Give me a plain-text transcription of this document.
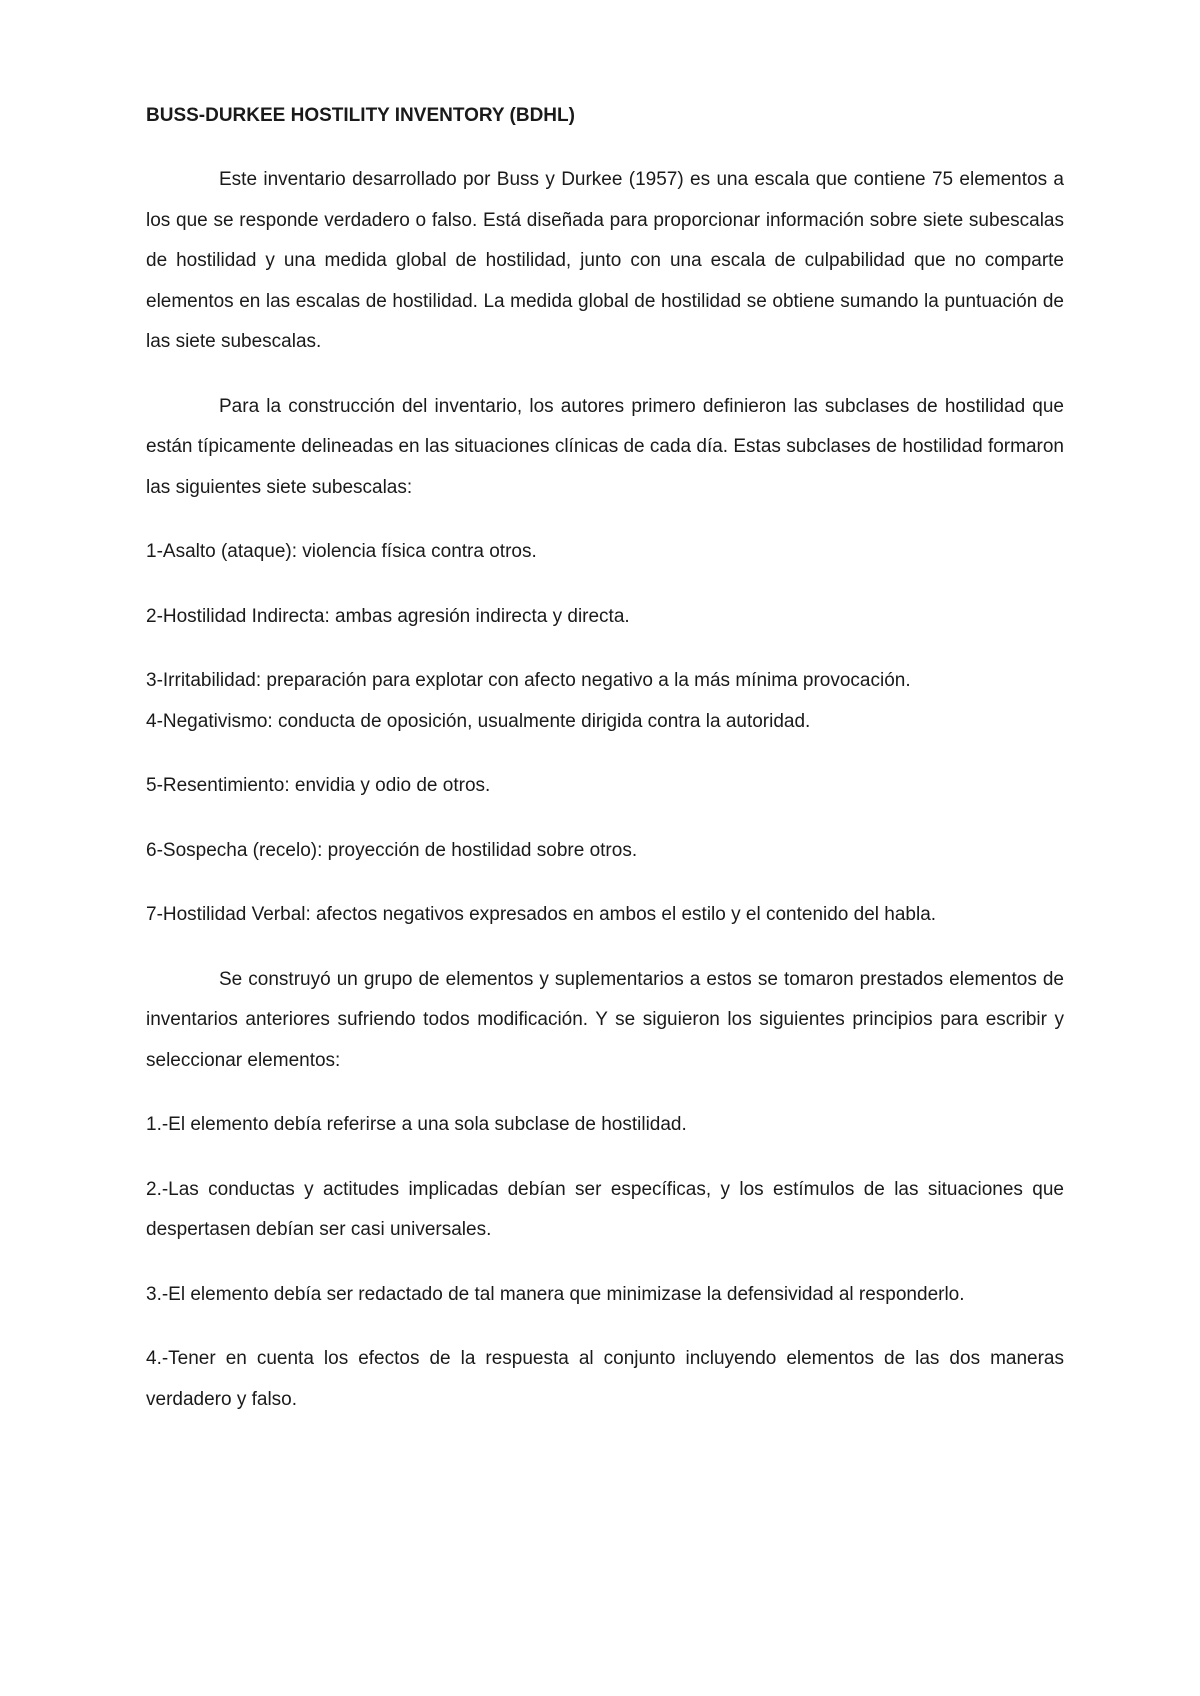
BUSS-DURKEE HOSTILITY INVENTORY (BDHL)
Este inventario desarrollado por Buss y Durkee (1957) es una escala que contiene 75 elementos a los que se responde verdadero o falso. Está diseñada para proporcionar información sobre siete subescalas de hostilidad y una medida global de hostilidad, junto con una escala de culpabilidad que no comparte elementos en las escalas de hostilidad. La medida global de hostilidad se obtiene sumando la puntuación de las siete subescalas.
Para la construcción del inventario, los autores primero definieron las subclases de hostilidad que están típicamente delineadas en las situaciones clínicas de cada día. Estas subclases de hostilidad formaron las siguientes siete subescalas:
1-Asalto (ataque): violencia física contra otros.
2-Hostilidad Indirecta: ambas agresión indirecta y directa.
3-Irritabilidad: preparación para explotar con afecto negativo a la más mínima provocación.
4-Negativismo: conducta de oposición, usualmente dirigida contra la autoridad.
5-Resentimiento: envidia y odio de otros.
6-Sospecha (recelo): proyección de hostilidad sobre otros.
7-Hostilidad Verbal: afectos negativos expresados en ambos el estilo y el contenido del habla.
Se construyó un grupo de elementos y suplementarios a estos se tomaron prestados elementos de inventarios anteriores sufriendo todos modificación. Y se siguieron los siguientes principios para escribir y seleccionar elementos:
1.-El elemento debía referirse a una sola subclase de hostilidad.
2.-Las conductas y actitudes implicadas debían ser específicas, y los estímulos de las situaciones que despertasen debían ser casi universales.
3.-El elemento debía ser redactado de tal manera que minimizase la defensividad al responderlo.
4.-Tener en cuenta los efectos de la respuesta al conjunto incluyendo elementos de las dos maneras verdadero y falso.
